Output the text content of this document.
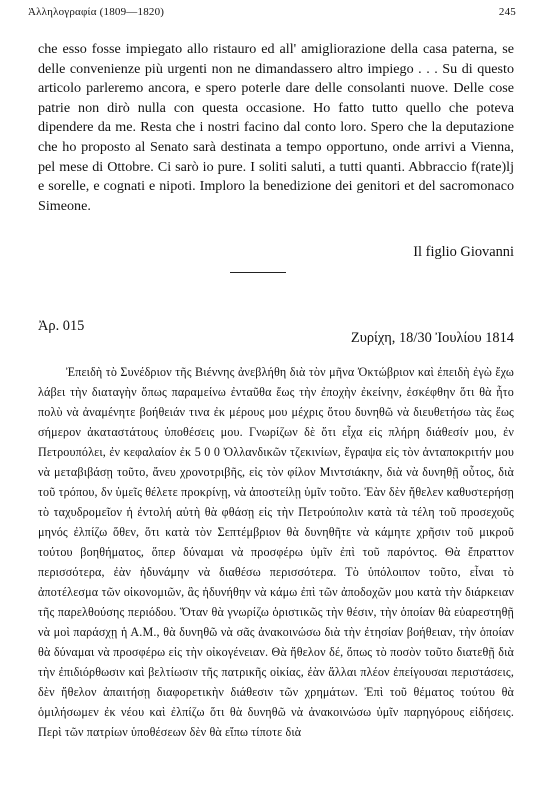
Ἀλληλογραφία (1809—1820)	245

che esso fosse impiegato allo ristauro ed all' amigliorazione della casa paterna, se delle convenienze più urgenti non ne dimandassero altro impiego . . . Su di questo articolo parleremo ancora, e spero poterle dare delle consolanti nuove. Delle cose patrie non dirò nulla con questa occasione. Ho fatto tutto quello che poteva dipendere da me. Resta che i nostri facino dal conto loro. Spero che la deputazione che ho proposto al Senato sarà destinata a tempo opportuno, onde arrivi a Vienna, pel mese di Ottobre. Ci sarò io pure. I soliti saluti, a tutti quanti. Abbraccio f(rate)lj e sorelle, e cognati e nipoti. Imploro la benedizione dei genitori et del sacromonaco Simeone.

Il figlio Giovanni
Ἀρ. 015
Ζυρίχη, 18/30 Ἰουλίου 1814

Ἐπειδὴ τὸ Συνέδριον τῆς Βιέννης ἀνεβλήθη διὰ τὸν μῆνα Ὀκτώβριον καὶ ἐπειδὴ ἐγὼ ἔχω λάβει τὴν διαταγὴν ὅπως παραμείνω ἐνταῦθα ἕως τὴν ἐποχὴν ἐκείνην, ἐσκέφθην ὅτι θὰ ἦτο πολὺ νὰ ἀναμένητε βοήθειάν τινα ἐκ μέρους μου μέχρις ὅτου δυνηθῶ νὰ διευθετήσω τὰς ἕως σήμερον ἀκαταστάτους ὑποθέσεις μου. Γνωρίζων δὲ ὅτι εἶχα εἰς πλήρη διάθεσίν μου, ἐν Πετρουπόλει, ἐν κεφαλαίον ἐκ 5 0 0 Ὀλλανδικῶν τζεκινίων, ἔγραψα εἰς τὸν ἀνταποκριτήν μου νὰ μεταβιβάσῃ τοῦτο, ἄνευ χρονοτριβῆς, εἰς τὸν φίλον Μιντσιάκην, διὰ νὰ δυνηθῇ οὗτος, διὰ τοῦ τρόπου, δν ὑμεῖς θέλετε προκρίνῃ, νὰ ἀποστείλῃ ὑμῖν τοῦτο. Ἐὰν δὲν ἤθελεν καθυστερήσῃ τὸ ταχυδρομεῖον ἡ ἐντολή αὐτὴ θὰ φθάσῃ εἰς τὴν Πετρούπολιν κατὰ τὰ τέλη τοῦ προσεχοῦς μηνός ἐλπίζω ὅθεν, ὅτι κατὰ τὸν Σεπτέμβριον θὰ δυνηθῆτε νὰ κάμητε χρῆσιν τοῦ μικροῦ τούτου βοηθήματος, ὅπερ δύναμαι νὰ προσφέρω ὑμῖν ἐπὶ τοῦ παρόντος. Θὰ ἔπραττον περισσότερα, ἐὰν ἠδυνάμην νὰ διαθέσω περισσότερα. Τὸ ὑπόλοιπον τοῦτο, εἶναι τὸ ἀποτέλεσμα τῶν οἰκονομιῶν, ἃς ἠδυνήθην νὰ κάμω ἐπὶ τῶν ἀποδοχῶν μου κατὰ τὴν διάρκειαν τῆς παρελθούσης περιόδου. Ὅταν θὰ γνωρίζω ὁριστικῶς τὴν θέσιν, τὴν ὁποίαν θὰ εὐαρεστηθῇ νὰ μοὶ παράσχῃ ἡ Α.Μ., θὰ δυνηθῶ νὰ σᾶς ἀνακοινώσω διὰ τὴν ἐτησίαν βοήθειαν, τὴν ὁποίαν θὰ δύναμαι νὰ προσφέρω εἰς τὴν οἰκογένειαν. Θὰ ἤθελον δέ, ὅπως τὸ ποσὸν τοῦτο διατεθῇ διὰ τὴν ἐπιδιόρθωσιν καὶ βελτίωσιν τῆς πατρικῆς οἰκίας, ἐὰν ἄλλαι πλέον ἐπείγουσαι περιστάσεις, δὲν ἤθελον ἀπαιτήσῃ διαφορετικὴν διάθεσιν τῶν χρημάτων. Ἐπὶ τοῦ θέματος τούτου θὰ ὁμιλήσωμεν ἐκ νέου καὶ ἐλπίζω ὅτι θὰ δυνηθῶ νὰ ἀνακοινώσω ὑμῖν παρηγόρους εἰδήσεις. Περὶ τῶν πατρίων ὑποθέσεων δὲν θὰ εἴπω τίποτε διὰ
